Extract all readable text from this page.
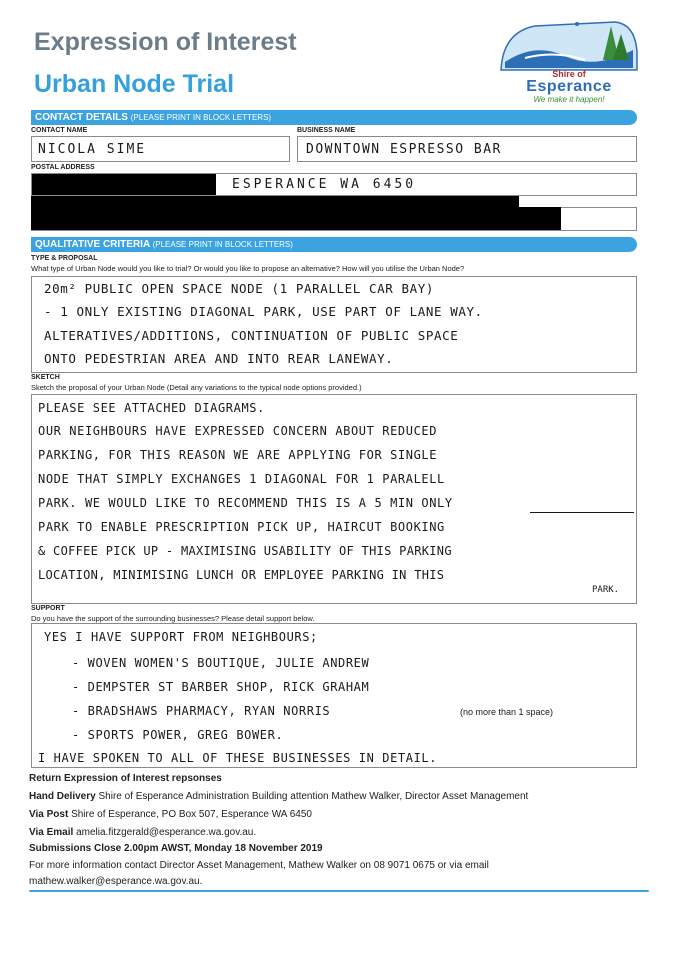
Expression of Interest
Urban Node Trial	Shire of
Esperance
We make it happen!
CONTACT DETAILS (PLEASE PRINT IN BLOCK LETTERS)
CONTACT NAME	BUSINESS NAME
NICOLA SIME	DOWNTOWN ESPRESSO BAR
POSTAL ADDRESS
ESPERANCE WA 6450
QUALITATIVE CRITERIA (PLEASE PRINT IN BLOCK LETTERS)
TYPE & PROPOSAL
What type of Urban Node would you like to trial? Or would you like to propose an alternative? How will you utilise the Urban Node?
20m² PUBLIC OPEN SPACE NODE (1 PARALLEL CAR BAY)
- 1 ONLY EXISTING DIAGONAL PARK, USE PART OF LANE WAY.
ALTERATIVES/ADDITIONS, CONTINUATION OF PUBLIC SPACE
ONTO PEDESTRIAN AREA AND INTO REAR LANEWAY.
SKETCH
Sketch the proposal of your Urban Node (Detail any variations to the typical node options provided.)
PLEASE SEE ATTACHED DIAGRAMS.
OUR NEIGHBOURS HAVE EXPRESSED CONCERN ABOUT REDUCED
PARKING, FOR THIS REASON WE ARE APPLYING FOR SINGLE
NODE THAT SIMPLY EXCHANGES 1 DIAGONAL FOR 1 PARALELL
PARK. WE WOULD LIKE TO RECOMMEND THIS IS A 5 MIN ONLY
PARK TO ENABLE PRESCRIPTION PICK UP, HAIRCUT BOOKING
& COFFEE PICK UP - MAXIMISING USABILITY OF THIS PARKING
LOCATION, MINIMISING LUNCH OR EMPLOYEE PARKING IN THIS
PARK.
SUPPORT
Do you have the support of the surrounding businesses? Please detail support below.
YES I HAVE SUPPORT FROM NEIGHBOURS;
- WOVEN WOMEN'S BOUTIQUE, JULIE ANDREW
- DEMPSTER ST BARBER SHOP, RICK GRAHAM
- BRADSHAWS PHARMACY, RYAN NORRIS	(no more than 1 space)
- SPORTS POWER, GREG BOWER.
I HAVE SPOKEN TO ALL OF THESE BUSINESSES IN DETAIL.
Return Expression of Interest repsonses
Hand Delivery Shire of Esperance Administration Building attention Mathew Walker, Director Asset Management
Via Post Shire of Esperance, PO Box 507, Esperance WA 6450
Via Email amelia.fitzgerald@esperance.wa.gov.au.
Submissions Close 2.00pm AWST, Monday 18 November 2019
For more information contact Director Asset Management, Mathew Walker on 08 9071 0675 or via email
mathew.walker@esperance.wa.gov.au.
